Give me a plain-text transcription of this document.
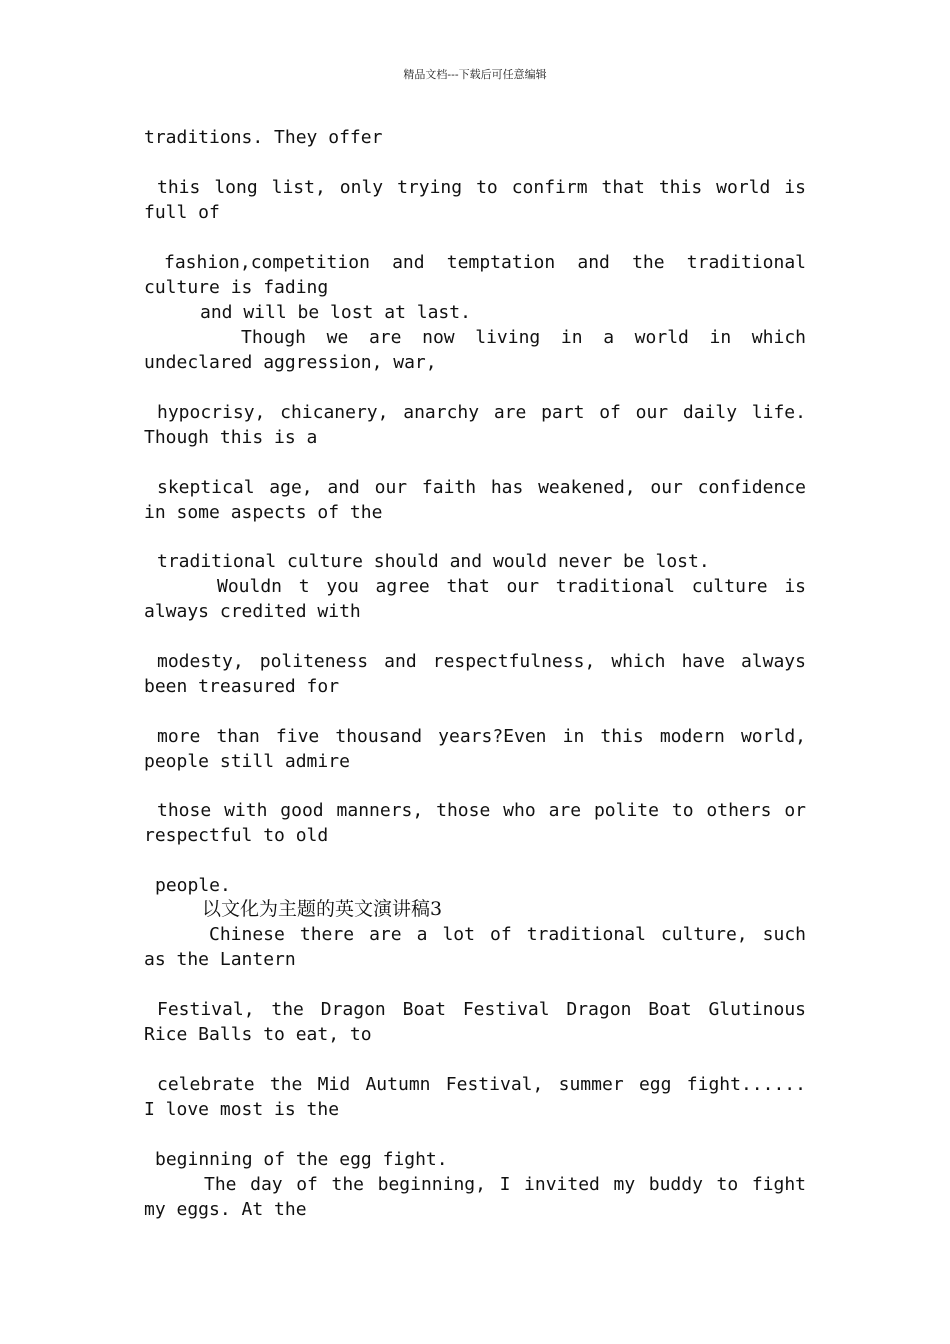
精品文档---下载后可任意编辑
traditions. They offer
this long list, only trying to confirm that this world is
full of
fashion,competition and temptation and the traditional
culture is fading
and will be lost at last.
Though we are now living in a world in which
undeclared aggression, war,
hypocrisy, chicanery, anarchy are part of our daily life.
Though this is a
skeptical age, and our faith has weakened, our confidence
in some aspects of the
traditional culture should and would never be lost.
Wouldn t you agree that our traditional culture is
always credited with
modesty, politeness and respectfulness, which have always
been treasured for
more than five thousand years?Even in this modern world,
people still admire
those with good manners, those who are polite to others or
respectful to old
people.
以文化为主题的英文演讲稿3
Chinese there are a lot of traditional culture, such
as the Lantern
Festival, the Dragon Boat Festival Dragon Boat Glutinous
Rice Balls to eat, to
celebrate the Mid Autumn Festival, summer egg fight......
I love most is the
beginning of the egg fight.
The day of the beginning, I invited my buddy to fight
my eggs. At the
